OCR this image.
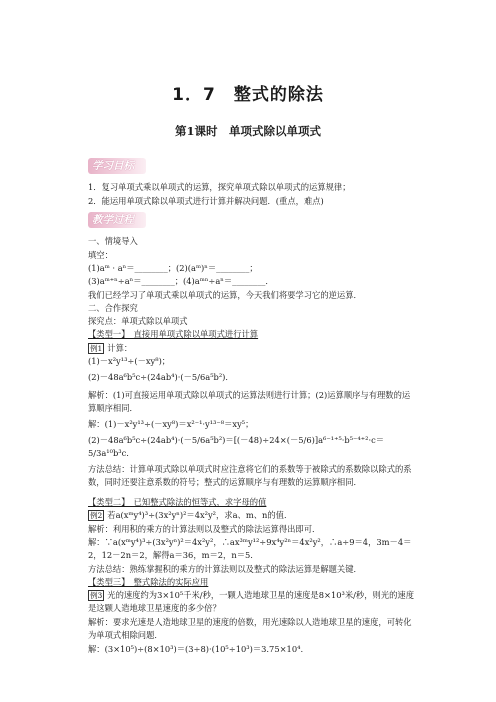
1．7　整式的除法
第1课时　单项式除以单项式
学习目标
1．复习单项式乘以单项式的运算，探究单项式除以单项式的运算规律；
2．能运用单项式除以单项式进行计算并解决问题．(重点，难点)
教学过程
一、情境导入
填空：
(1)aᵐ · aⁿ＝________；(2)(aᵐ)ⁿ＝________；
(3)aᵐ⁺ⁿ÷aⁿ＝________；(4)aᵐⁿ÷aⁿ＝________．
我们已经学习了单项式乘以单项式的运算，今天我们将要学习它的逆运算．
二、合作探究
探究点：单项式除以单项式
【类型一】　直接用单项式除以单项式进行计算
例1 计算：
(1)－x²y¹³÷(－xy⁸)；
(2)－48a⁶b⁵c÷(24ab⁴)·(－5/6a⁵b²)．
解析：(1)可直接运用单项式除以单项式的运算法则进行计算；(2)运算顺序与有理数的运算顺序相同．
解：(1)－x²y¹³÷(－xy⁸)＝x²⁻¹·y¹³⁻⁸＝xy⁵；
(2)－48a⁶b⁵c÷(24ab⁴)·(－5/6a⁵b²)＝[(－48)÷24×(－5/6)]a⁶⁻¹⁺⁵·b⁵⁻⁴⁺²·c＝5/3a¹⁰b³c.
方法总结：计算单项式除以单项式时应注意将它们的系数等于被除式的系数除以除式的系数，同时还要注意系数的符号；整式的运算顺序与有理数的运算顺序相同．
【类型二】　已知整式除法的恒等式，求字母的值
例2 若a(xᵐy⁴)³÷(3x²yⁿ)²＝4x²y²，求a、m、n的值．
解析：利用积的乘方的计算法则以及整式的除法运算得出即可．
解：∵a(xᵐy⁴)³÷(3x²yⁿ)²＝4x²y²，∴ax³ᵐy¹²÷9x⁴y²ⁿ＝4x²y²，∴a÷9＝4，3m－4＝2，12－2n＝2，解得a＝36，m＝2，n＝5.
方法总结：熟练掌握积的乘方的计算法则以及整式的除法运算是解题关键．
【类型三】　整式除法的实际应用
例3 光的速度约为3×10⁵千米/秒，一颗人造地球卫星的速度是8×10³米/秒，则光的速度是这颗人造地球卫星速度的多少倍？
解析：要求光速是人造地球卫星的速度的倍数，用光速除以人造地球卫星的速度，可转化为单项式相除问题．
解：(3×10⁵)÷(8×10³)＝(3÷8)·(10⁵÷10³)＝3.75×10⁴.
